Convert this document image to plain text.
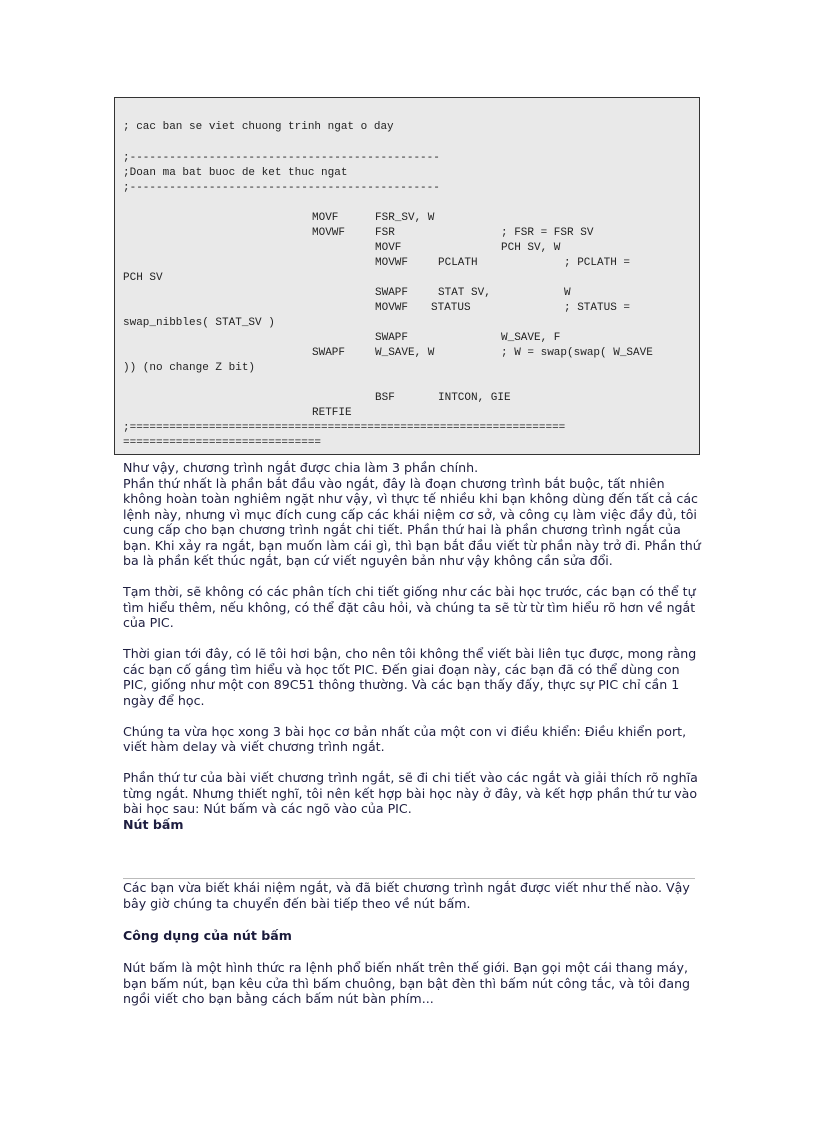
; cac ban se viet chuong trinh ngat o day
;-----------------------------------------------
;Doan ma bat buoc de ket thuc ngat
;-----------------------------------------------
MOVF	FSR_SV, W
MOVWF	FSR	; FSR = FSR SV
MOVF	PCH SV, W
MOVWF	PCLATH	; PCLATH =
PCH SV
SWAPF	STAT SV,	W
MOVWF STATUS	; STATUS =
swap_nibbles( STAT_SV )
SWAPF	W_SAVE, F
SWAPF	W_SAVE, W	; W = swap(swap( W_SAVE
)) (no change Z bit)
BSF	INTCON, GIE
RETFIE
;==================================================================
==============================

Như vậy, chương trình ngắt được chia làm 3 phần chính.

Phần thứ nhất là phần bắt đầu vào ngắt, đây là đoạn chương trình bắt buộc, tất nhiên không hoàn toàn nghiêm ngặt như vậy, vì thực tế nhiều khi bạn không dùng đến tất cả các lệnh này, nhưng vì mục đích cung cấp các khái niệm cơ sở, và công cụ làm việc đầy đủ, tôi cung cấp cho bạn chương trình ngắt chi tiết. Phần thứ hai là phần chương trình ngắt của bạn. Khi xảy ra ngắt, bạn muốn làm cái gì, thì bạn bắt đầu viết từ phần này trở đi. Phần thứ ba là phần kết thúc ngắt, bạn cứ viết nguyên bản như vậy không cần sửa đổi.

Tạm thời, sẽ không có các phân tích chi tiết giống như các bài học trước, các bạn có thể tự tìm hiểu thêm, nếu không, có thể đặt câu hỏi, và chúng ta sẽ từ từ tìm hiểu rõ hơn về ngắt của PIC.

Thời gian tới đây, có lẽ tôi hơi bận, cho nên tôi không thể viết bài liên tục được, mong rằng các bạn cố gắng tìm hiểu và học tốt PIC. Đến giai đoạn này, các bạn đã có thể dùng con PIC, giống như một con 89C51 thông thường. Và các bạn thấy đấy, thực sự PIC chỉ cần 1 ngày để học.

Chúng ta vừa học xong 3 bài học cơ bản nhất của một con vi điều khiển: Điều khiển port, viết hàm delay và viết chương trình ngắt.

Phần thứ tư của bài viết chương trình ngắt, sẽ đi chi tiết vào các ngắt và giải thích rõ nghĩa từng ngắt. Nhưng thiết nghĩ, tôi nên kết hợp bài học này ở đây, và kết hợp phần thứ tư vào bài học sau: Nút bấm và các ngõ vào của PIC.

Nút bấm

Các bạn vừa biết khái niệm ngắt, và đã biết chương trình ngắt được viết như thế nào. Vậy bây giờ chúng ta chuyển đến bài tiếp theo về nút bấm.

Công dụng của nút bấm

Nút bấm là một hình thức ra lệnh phổ biến nhất trên thế giới. Bạn gọi một cái thang máy, bạn bấm nút, bạn kêu cửa thì bấm chuông, bạn bật đèn thì bấm nút công tắc, và tôi đang ngồi viết cho bạn bằng cách bấm nút bàn phím...
